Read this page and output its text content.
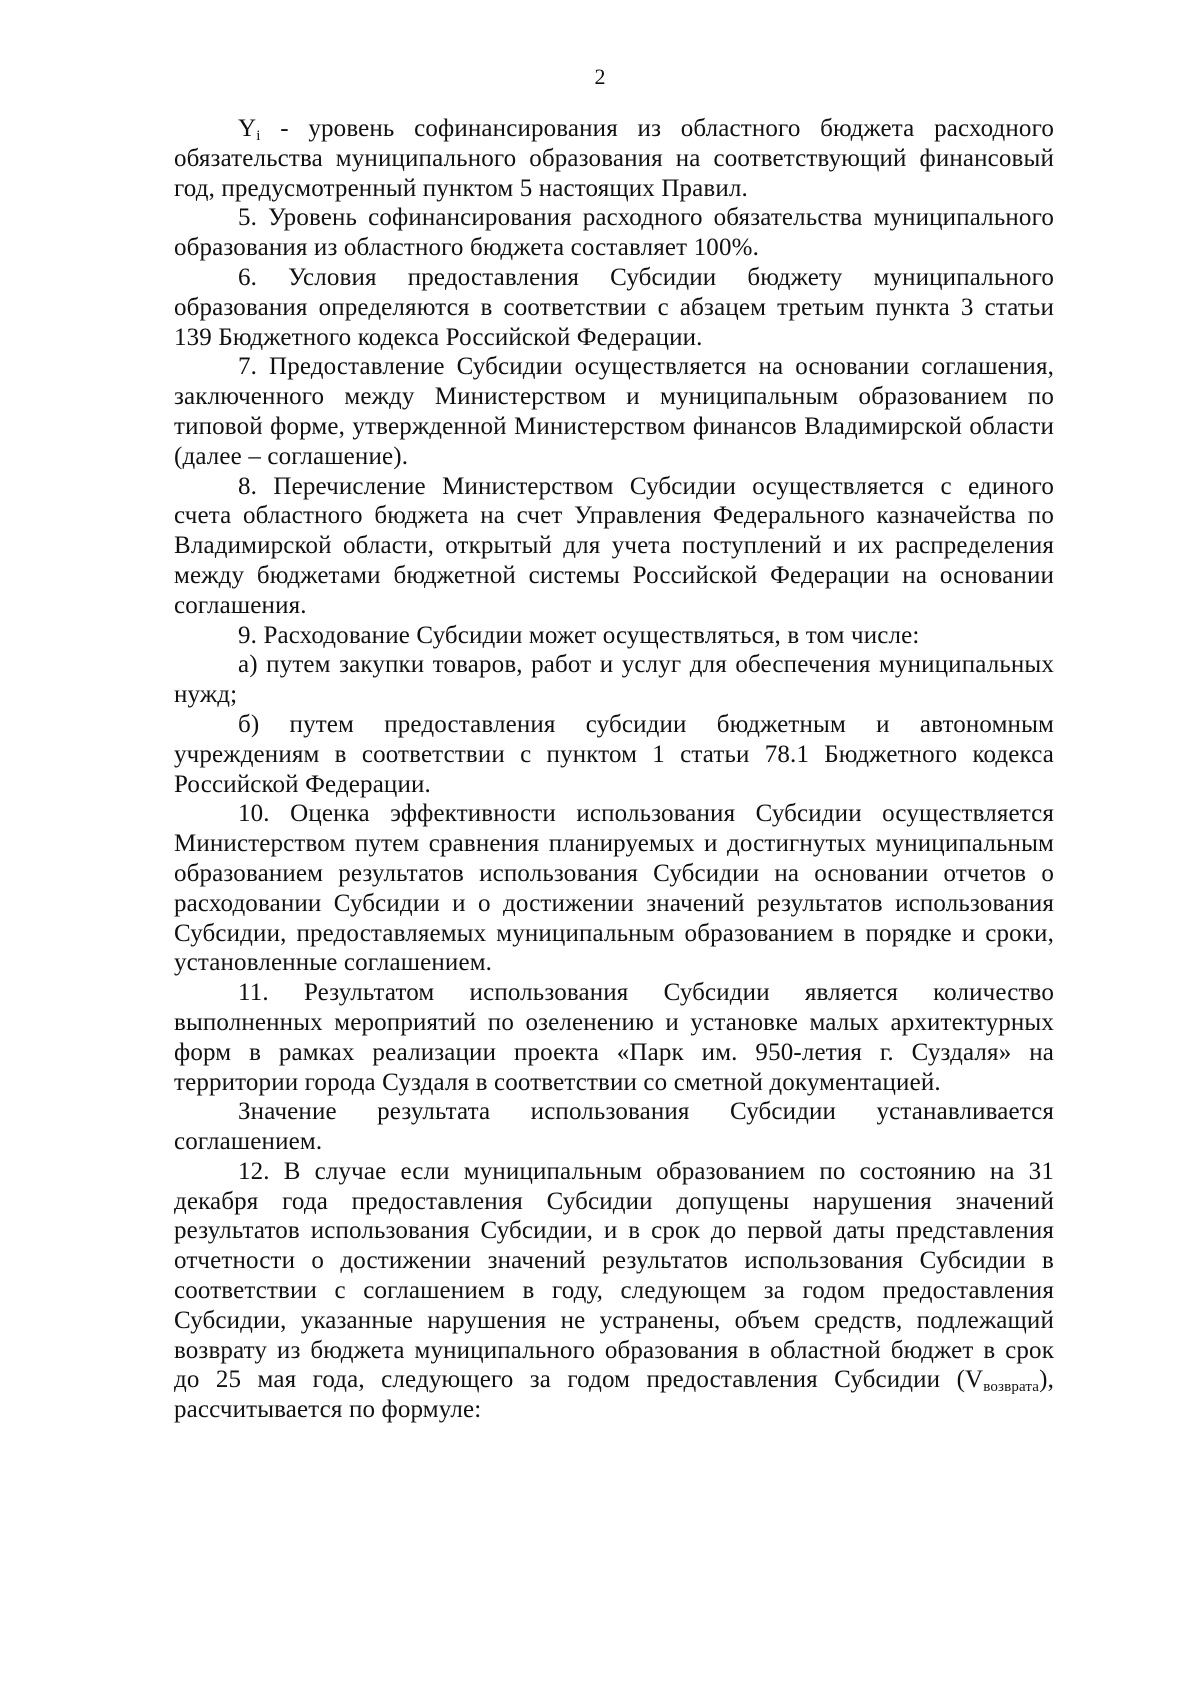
2

$Y_i$ - уровень софинансирования из областного бюджета расходного обязательства муниципального образования на соответствующий финансовый год, предусмотренный пунктом 5 настоящих Правил.

5. Уровень софинансирования расходного обязательства муниципального образования из областного бюджета составляет 100%.

6. Условия предоставления Субсидии бюджету муниципального образования определяются в соответствии с абзацем третьим пункта 3 статьи 139 Бюджетного кодекса Российской Федерации.

7. Предоставление Субсидии осуществляется на основании соглашения, заключенного между Министерством и муниципальным образованием по типовой форме, утвержденной Министерством финансов Владимирской области (далее – соглашение).

8. Перечисление Министерством Субсидии осуществляется с единого счета областного бюджета на счет Управления Федерального казначейства по Владимирской области, открытый для учета поступлений и их распределения между бюджетами бюджетной системы Российской Федерации на основании соглашения.

9. Расходование Субсидии может осуществляться, в том числе:

а) путем закупки товаров, работ и услуг для обеспечения муниципальных нужд;

б) путем предоставления субсидии бюджетным и автономным учреждениям в соответствии с пунктом 1 статьи 78.1 Бюджетного кодекса Российской Федерации.

10. Оценка эффективности использования Субсидии осуществляется Министерством путем сравнения планируемых и достигнутых муниципальным образованием результатов использования Субсидии на основании отчетов о расходовании Субсидии и о достижении значений результатов использования Субсидии, предоставляемых муниципальным образованием в порядке и сроки, установленные соглашением.

11. Результатом использования Субсидии является количество выполненных мероприятий по озеленению и установке малых архитектурных форм в рамках реализации проекта «Парк им. 950-летия г. Суздаля» на территории города Суздаля в соответствии со сметной документацией.

Значение результата использования Субсидии устанавливается соглашением.

12. В случае если муниципальным образованием по состоянию на 31 декабря года предоставления Субсидии допущены нарушения значений результатов использования Субсидии, и в срок до первой даты представления отчетности о достижении значений результатов использования Субсидии в соответствии с соглашением в году, следующем за годом предоставления Субсидии, указанные нарушения не устранены, объем средств, подлежащий возврату из бюджета муниципального образования в областной бюджет в срок до 25 мая года, следующего за годом предоставления Субсидии $(V_{возврата})$, рассчитывается по формуле:
